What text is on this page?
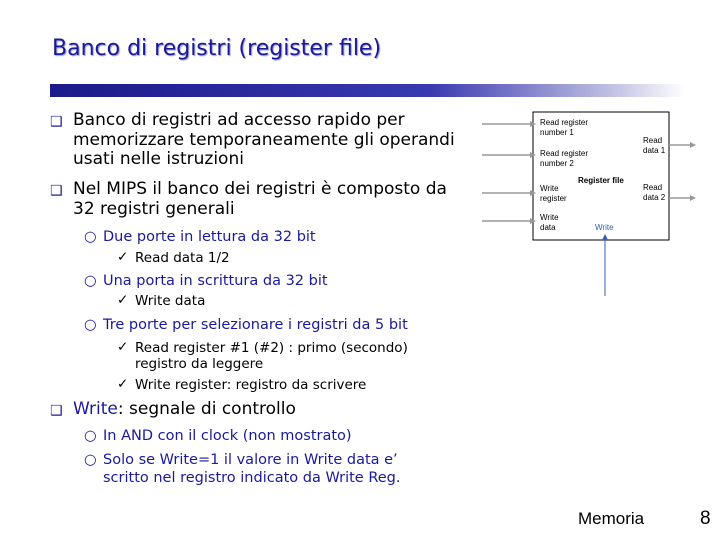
Banco di registri (register file)
❑ Banco di registri ad accesso rapido per
memorizzare temporaneamente gli operandi
usati nelle istruzioni
❑ Nel MIPS il banco dei registri è composto da
32 registri generali
○ Due porte in lettura da 32 bit
✓ Read data 1/2
○ Una porta in scrittura da 32 bit
✓ Write data
○ Tre porte per selezionare i registri da 5 bit
✓ Read register #1 (#2) : primo (secondo)
registro da leggere
✓ Write register: registro da scrivere
❑ Write: segnale di controllo
○ In AND con il clock (non mostrato)
○ Solo se Write=1 il valore in Write data e’
scritto nel registro indicato da Write Reg.
Read register
number 1
Read register
number 2
Write
register
Write
data
Register file
Read
data 1
Read
data 2
Write
Memoria	8
